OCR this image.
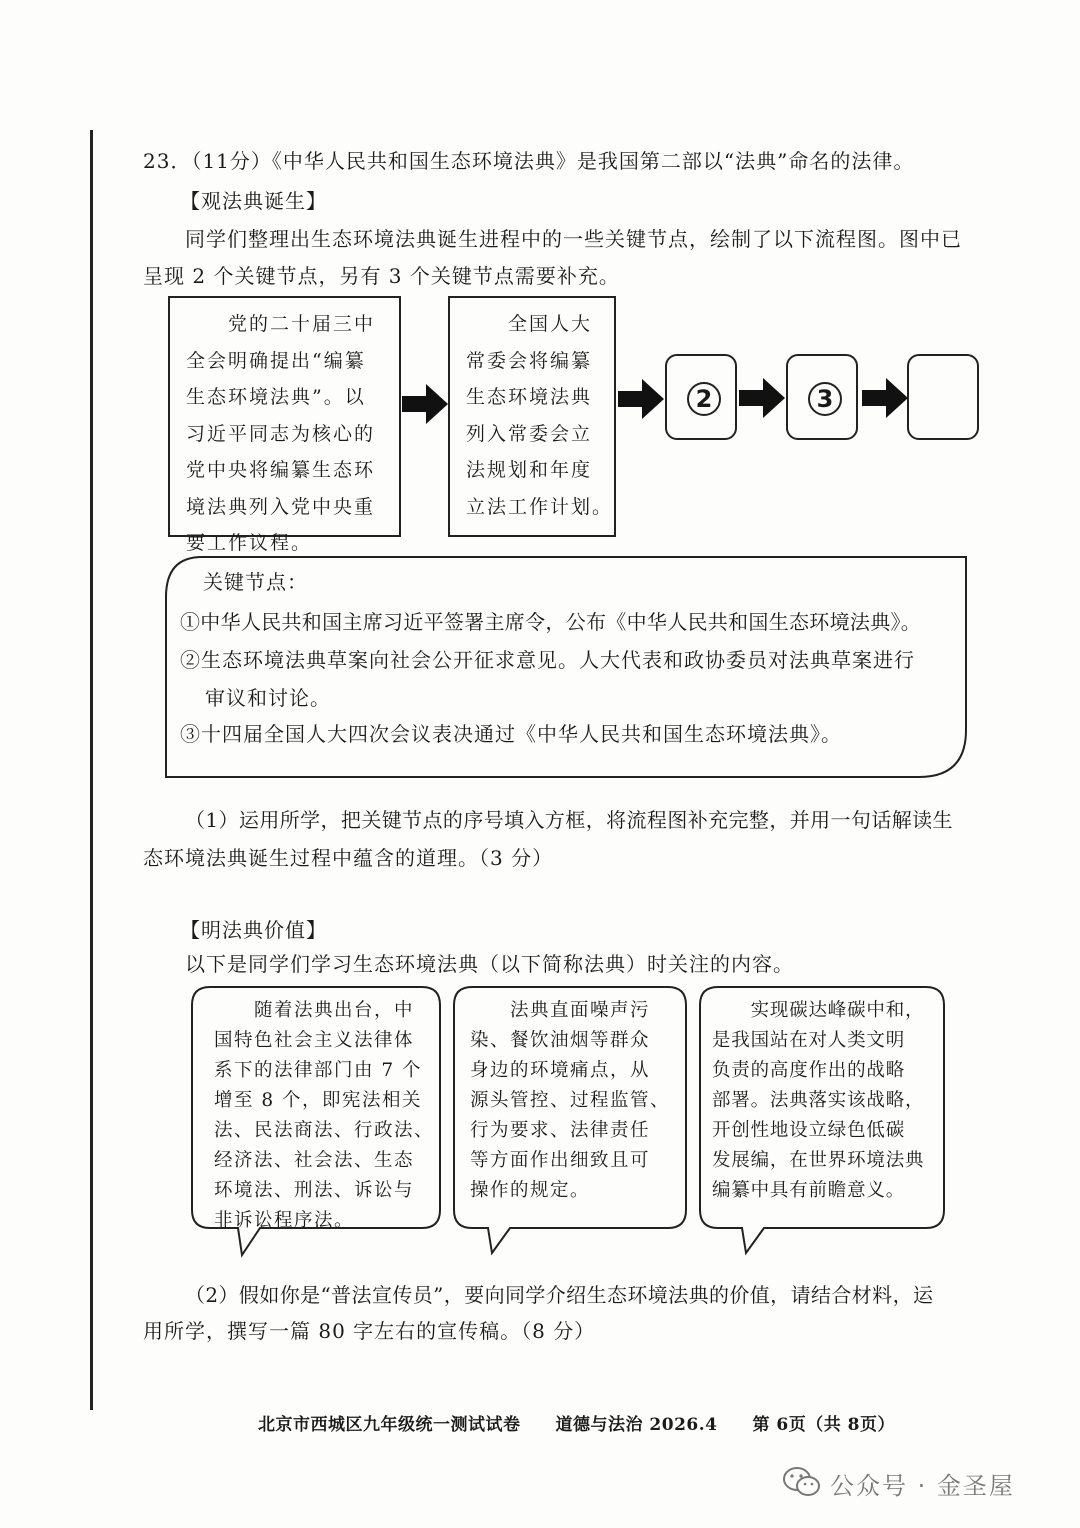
23．（11分）《中华人民共和国生态环境法典》是我国第二部以“法典”命名的法律。
【观法典诞生】
同学们整理出生态环境法典诞生进程中的一些关键节点，绘制了以下流程图。图中已
呈现 2 个关键节点，另有 3 个关键节点需要补充。

　　党的二十届三中
全会明确提出“编纂
生态环境法典”。以
习近平同志为核心的
党中央将编纂生态环
境法典列入党中央重
要工作议程。

　　全国人大
常委会将编纂
生态环境法典
列入常委会立
法规划和年度
立法工作计划。

2	3
关键节点：
①中华人民共和国主席习近平签署主席令，公布《中华人民共和国生态环境法典》。
②生态环境法典草案向社会公开征求意见。人大代表和政协委员对法典草案进行
审议和讨论。
③十四届全国人大四次会议表决通过《中华人民共和国生态环境法典》。
（1）运用所学，把关键节点的序号填入方框，将流程图补充完整，并用一句话解读生
态环境法典诞生过程中蕴含的道理。（3 分）
【明法典价值】
以下是同学们学习生态环境法典（以下简称法典）时关注的内容。
　　随着法典出台，中
国特色社会主义法律体
系下的法律部门由 7 个
增至 8 个，即宪法相关
法、民法商法、行政法、
经济法、社会法、生态
环境法、刑法、诉讼与
非诉讼程序法。
　　法典直面噪声污
染、餐饮油烟等群众
身边的环境痛点，从
源头管控、过程监管、
行为要求、法律责任
等方面作出细致且可
操作的规定。
　　实现碳达峰碳中和，
是我国站在对人类文明
负责的高度作出的战略
部署。法典落实该战略，
开创性地设立绿色低碳
发展编，在世界环境法典
编纂中具有前瞻意义。
（2）假如你是“普法宣传员”，要向同学介绍生态环境法典的价值，请结合材料，运
用所学，撰写一篇 80 字左右的宣传稿。（8 分）
北京市西城区九年级统一测试试卷　　道德与法治 2026.4　　第 6页（共 8页）
公众号 · 金圣屋
